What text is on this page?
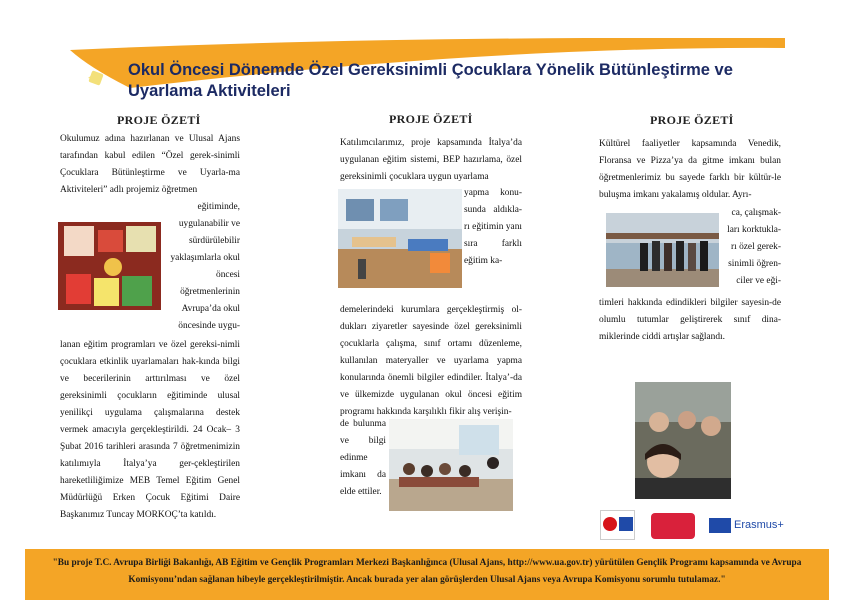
Okul Öncesi Dönemde Özel Gereksinimli Çocuklara Yönelik Bütünleştirme ve Uyarlama Aktiviteleri
PROJE ÖZETİ
Okulumuz adına hazırlanan ve Ulusal Ajans tarafından kabul edilen “Özel gerek-sinimli Çocuklara Bütünleştirme ve Uyarla-ma Aktiviteleri” adlı projemiz öğretmen
eğitiminde, uygulanabilir ve sürdürülebilir yaklaşımlarla okul öncesi öğretmenlerinin Avrupa’da okul öncesinde uygu-
lanan eğitim programları ve özel gereksi-nimli çocuklara etkinlik uyarlamaları hak-kında bilgi ve becerilerinin arttırılması ve özel gereksinimli çocukların eğitiminde ulusal yenilikçi uygulama çalışmalarına destek vermek amacıyla gerçekleştirildi. 24 Ocak– 3 Şubat 2016 tarihleri arasında 7 öğretmenimizin katılımıyla İtalya’ya ger-çekleştirilen hareketliliğimize MEB Temel Eğitim Genel Müdürlüğü Erken Çocuk Eğitimi Daire Başkanımız Tuncay MORKOÇ’ta katıldı.
PROJE ÖZETİ
Katılımcılarımız, proje kapsamında İtalya’da uygulanan eğitim sistemi, BEP hazırlama, özel gereksinimli çocuklara uygun uyarlama
yapma konu-sunda aldıkla-rı eğitimin yanı sıra farklı eğitim ka-
demelerindeki kurumlara gerçekleştirmiş ol-dukları ziyaretler sayesinde özel gereksinimli çocuklarla çalışma, sınıf ortamı düzenleme, kullanılan materyaller ve uyarlama yapma konularında önemli bilgiler edindiler. İtalya’-da ve ülkemizde uygulanan okul öncesi eğitim programı hakkında karşılıklı fikir alış verişin-
de bulunma ve bilgi edinme imkanı da elde ettiler.
PROJE ÖZETİ
Kültürel faaliyetler kapsamında Venedik, Floransa ve Pizza’ya da gitme imkanı bulan öğretmenlerimiz bu sayede farklı bir kültür-le buluşma imkanı yakalamış oldular. Ayrı-
ca, çalışmak-ları korktukla-rı özel gerek-sinimli öğren-ciler ve eği-
timleri hakkında edindikleri bilgiler sayesin-de olumlu tutumlar geliştirerek sınıf dina-miklerinde ciddi artışlar sağlandı.
Erasmus+
"Bu proje T.C. Avrupa Birliği Bakanlığı, AB Eğitim ve Gençlik Programları Merkezi Başkanlığınca (Ulusal Ajans, http://www.ua.gov.tr) yürütülen Gençlik Programı kapsamında ve Avrupa Komisyonu’ndan sağlanan hibeyle gerçekleştirilmiştir. Ancak burada yer alan görüşlerden Ulusal Ajans veya Avrupa Komisyonu sorumlu tutulamaz."
